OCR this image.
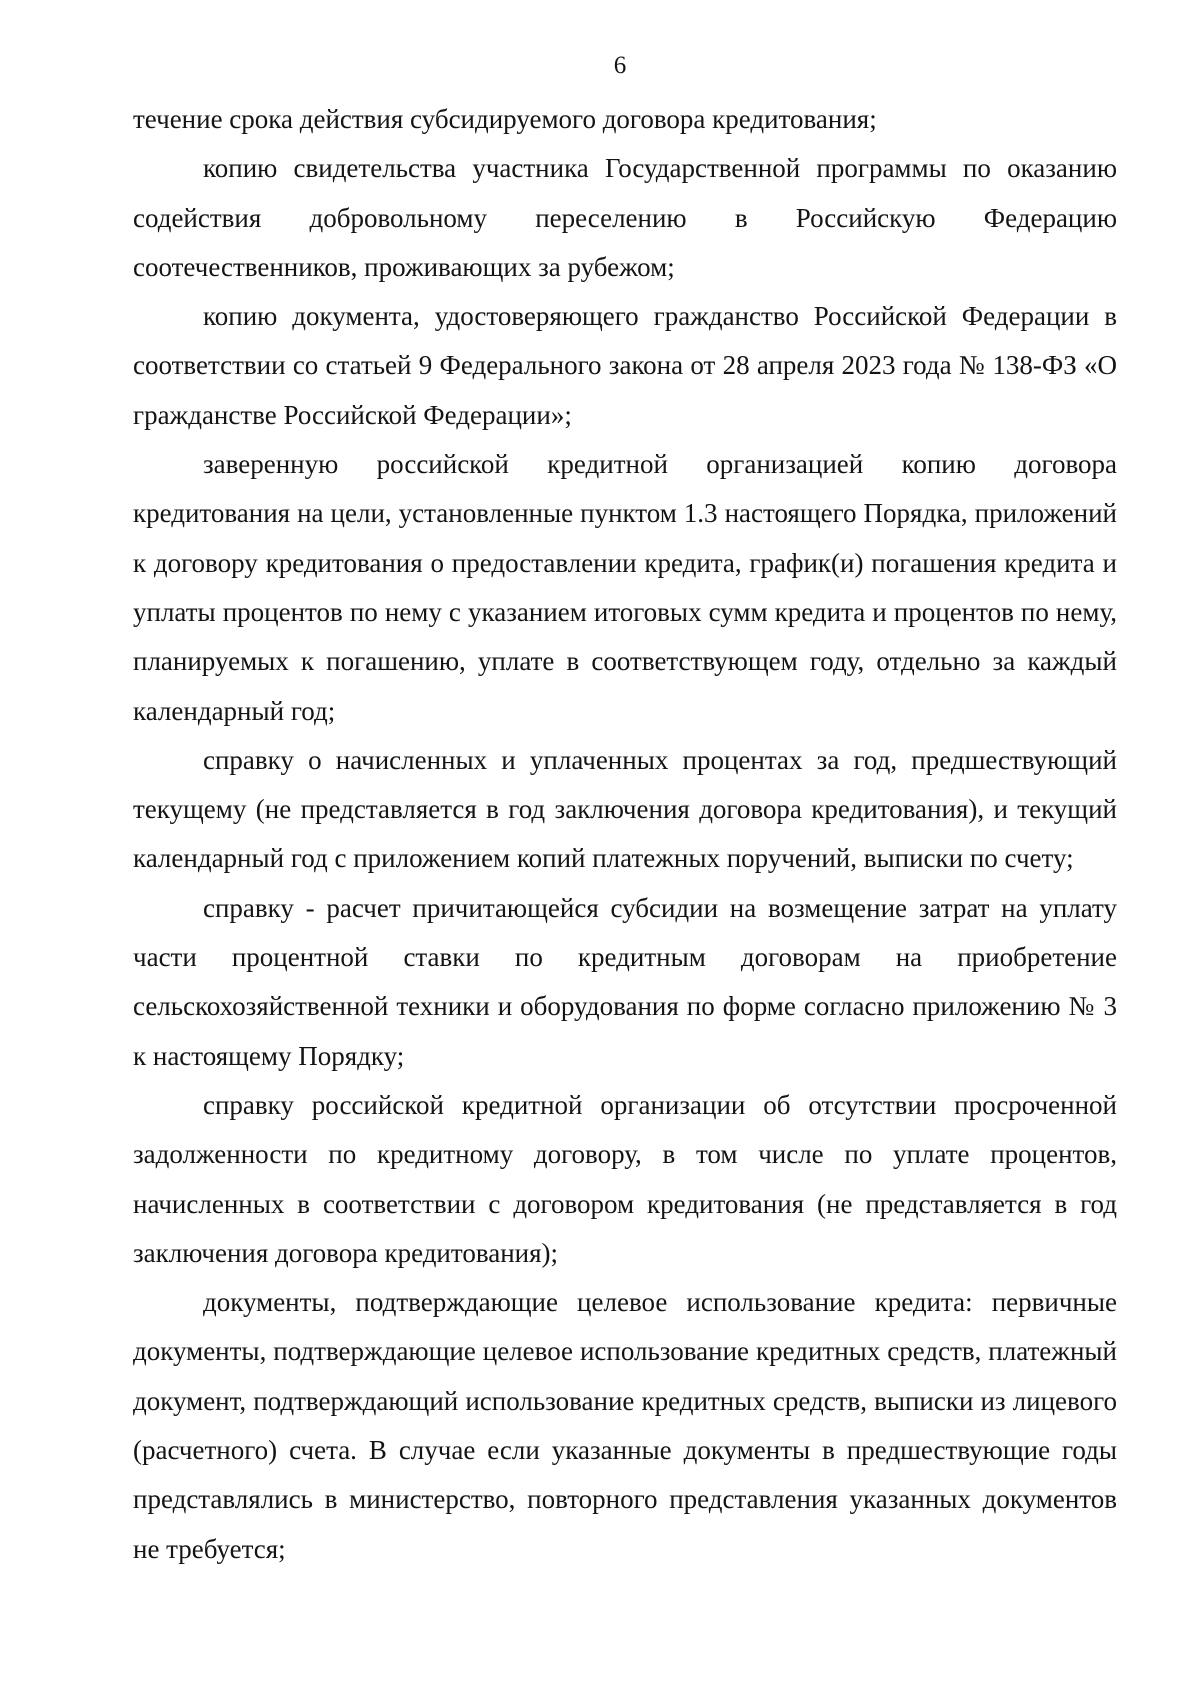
6

течение срока действия субсидируемого договора кредитования;

копию свидетельства участника Государственной программы по оказанию содействия добровольному переселению в Российскую Федерацию соотечественников, проживающих за рубежом;

копию документа, удостоверяющего гражданство Российской Федерации в соответствии со статьей 9 Федерального закона от 28 апреля 2023 года № 138-ФЗ «О гражданстве Российской Федерации»;

заверенную российской кредитной организацией копию договора кредитования на цели, установленные пунктом 1.3 настоящего Порядка, приложений к договору кредитования о предоставлении кредита, график(и) погашения кредита и уплаты процентов по нему с указанием итоговых сумм кредита и процентов по нему, планируемых к погашению, уплате в соответствующем году, отдельно за каждый календарный год;

справку о начисленных и уплаченных процентах за год, предшествующий текущему (не представляется в год заключения договора кредитования), и текущий календарный год с приложением копий платежных поручений, выписки по счету;

справку - расчет причитающейся субсидии на возмещение затрат на уплату части процентной ставки по кредитным договорам на приобретение сельскохозяйственной техники и оборудования по форме согласно приложению № 3 к настоящему Порядку;

справку российской кредитной организации об отсутствии просроченной задолженности по кредитному договору, в том числе по уплате процентов, начисленных в соответствии с договором кредитования (не представляется в год заключения договора кредитования);

документы, подтверждающие целевое использование кредита: первичные документы, подтверждающие целевое использование кредитных средств, платежный документ, подтверждающий использование кредитных средств, выписки из лицевого (расчетного) счета. В случае если указанные документы в предшествующие годы представлялись в министерство, повторного представления указанных документов не требуется;
